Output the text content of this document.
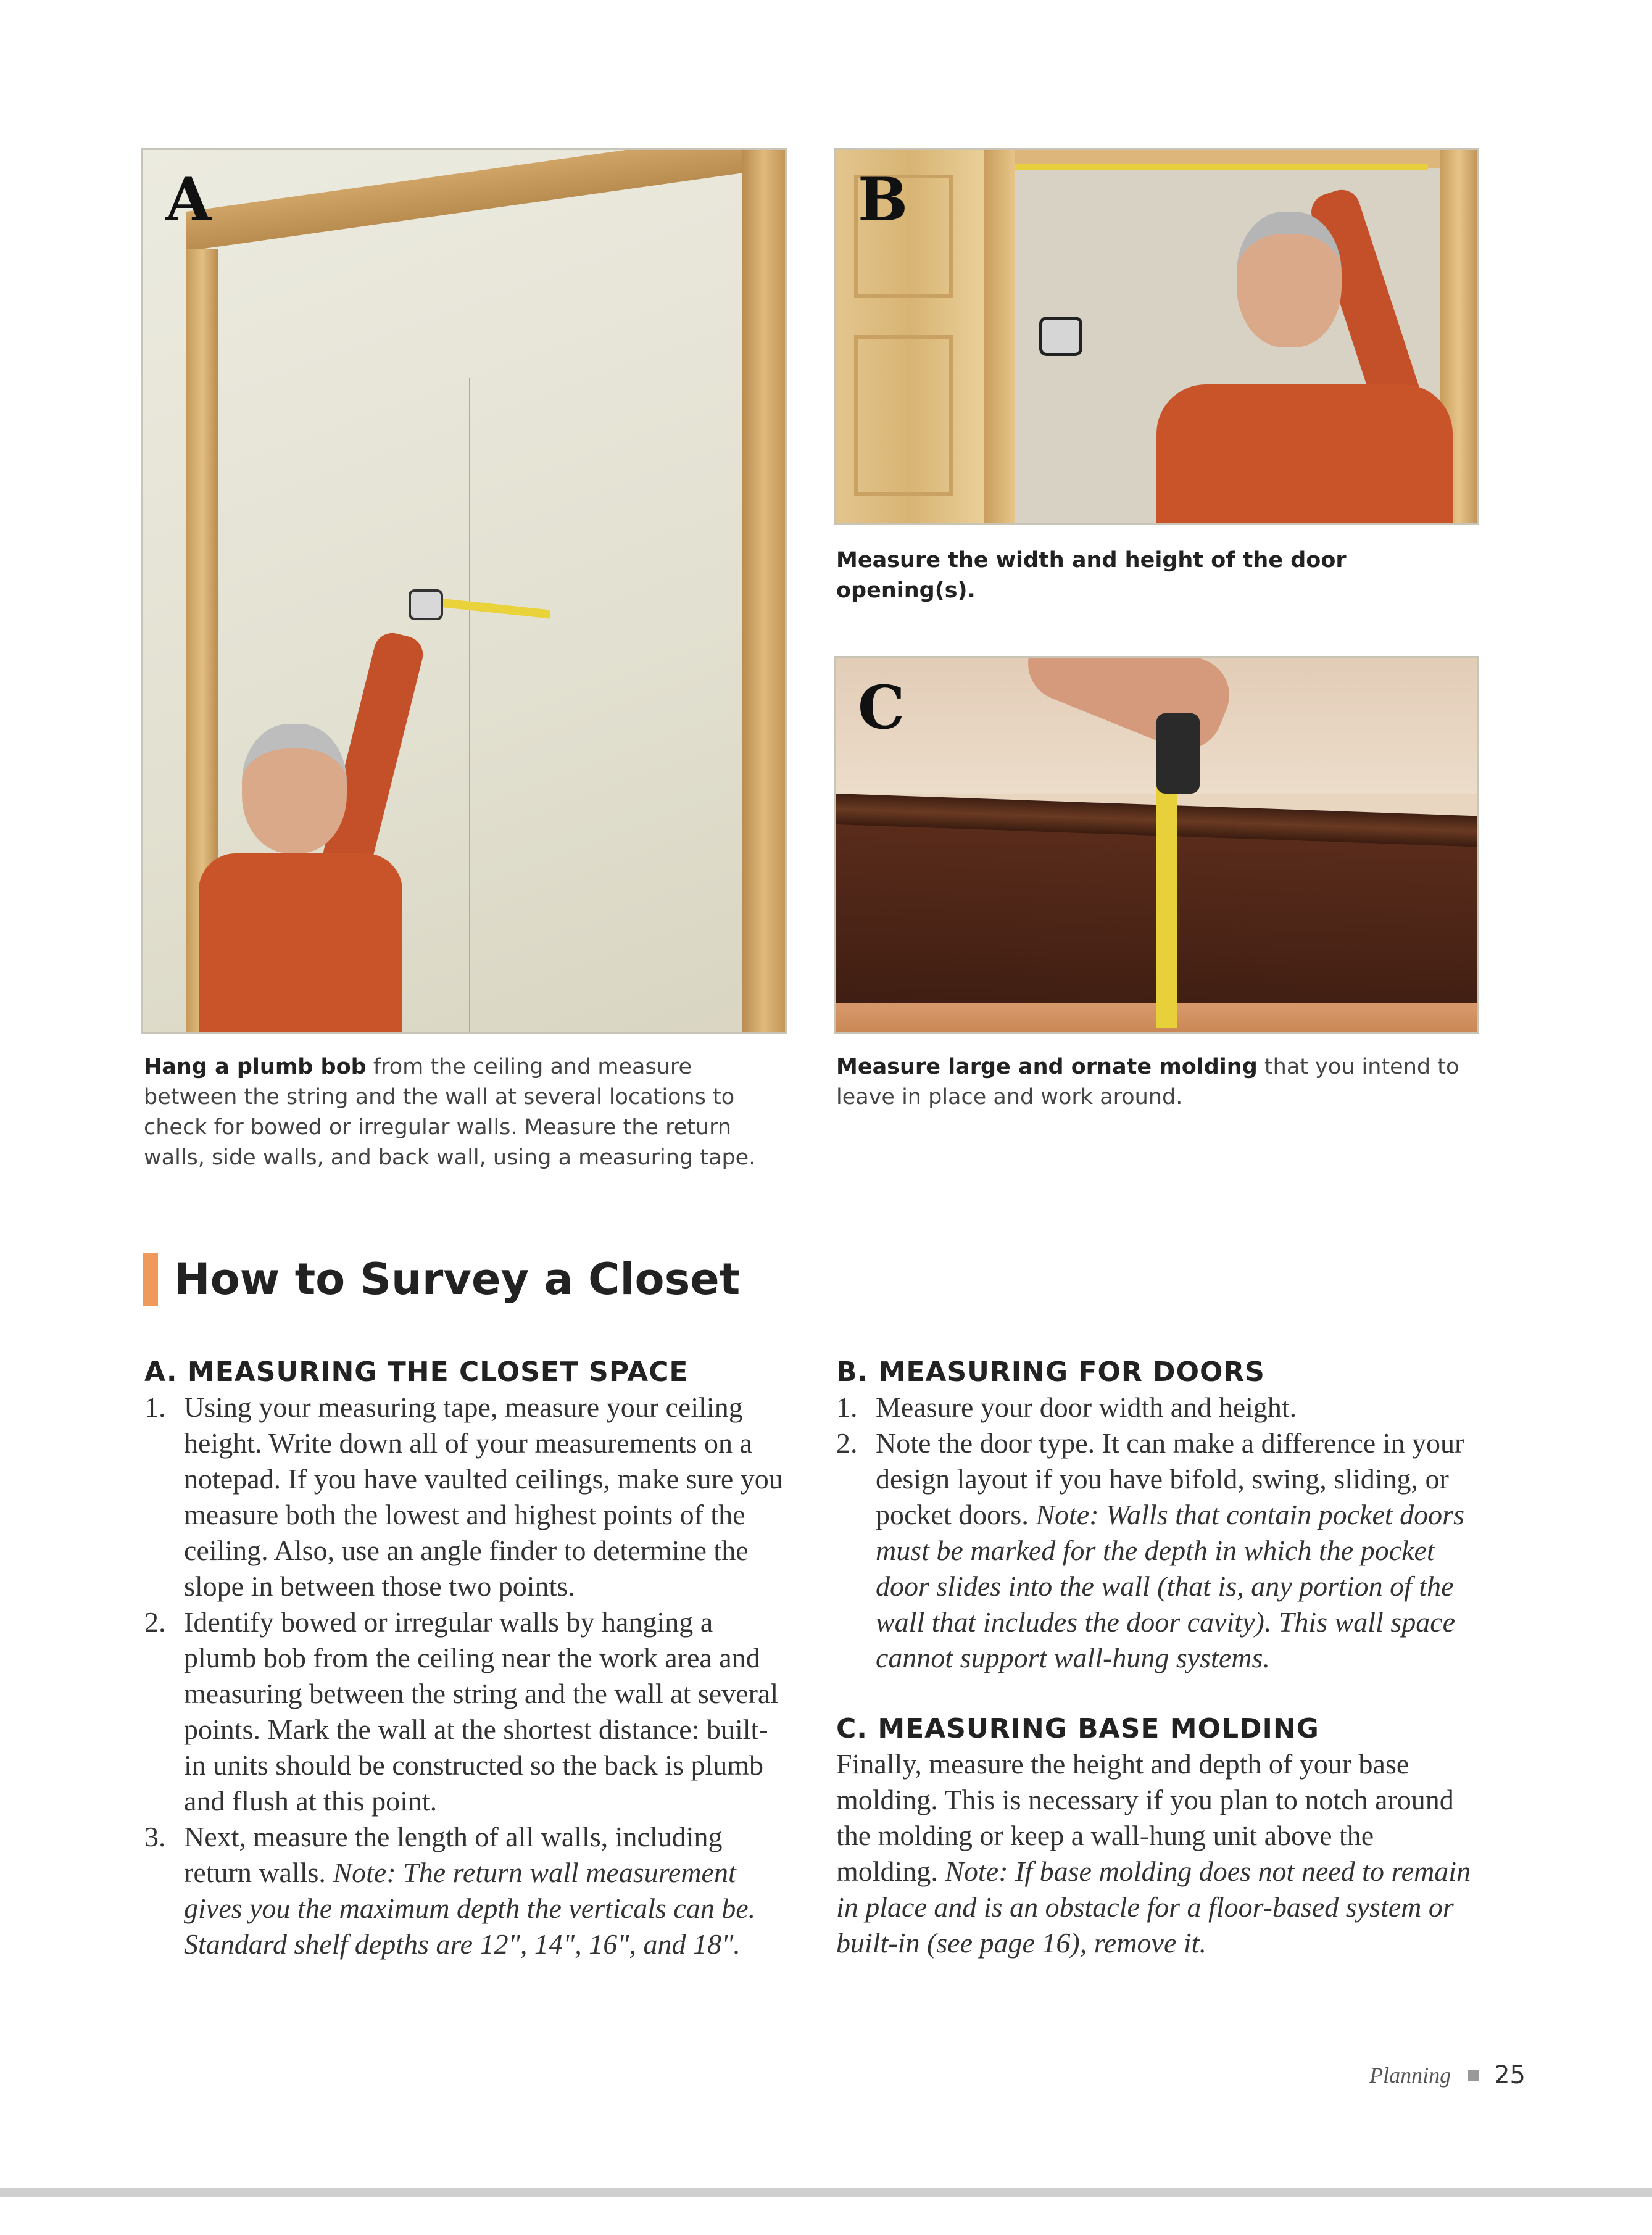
A	B
C

Hang a plumb bob from the ceiling and measure between the string and the wall at several locations to check for bowed or irregular walls. Measure the return walls, side walls, and back wall, using a measuring tape.

Measure the width and height of the door opening(s).

Measure large and ornate molding that you intend to leave in place and work around.

How to Survey a Closet
A. MEASURING THE CLOSET SPACE
1. Using your measuring tape, measure your ceiling height. Write down all of your measurements on a notepad. If you have vaulted ceilings, make sure you measure both the lowest and highest points of the ceiling. Also, use an angle finder to determine the slope in between those two points.
2. Identify bowed or irregular walls by hanging a plumb bob from the ceiling near the work area and measuring between the string and the wall at several points. Mark the wall at the shortest distance: built-in units should be constructed so the back is plumb and flush at this point.
3. Next, measure the length of all walls, including return walls. Note: The return wall measurement gives you the maximum depth the verticals can be. Standard shelf depths are 12", 14", 16", and 18".
B. MEASURING FOR DOORS
1. Measure your door width and height.
2. Note the door type. It can make a difference in your design layout if you have bifold, swing, sliding, or pocket doors. Note: Walls that contain pocket doors must be marked for the depth in which the pocket door slides into the wall (that is, any portion of the wall that includes the door cavity). This wall space cannot support wall-hung systems.
C. MEASURING BASE MOLDING

Finally, measure the height and depth of your base molding. This is necessary if you plan to notch around the molding or keep a wall-hung unit above the molding. Note: If base molding does not need to remain in place and is an obstacle for a floor-based system or built-in (see page 16), remove it.

Planning 25
